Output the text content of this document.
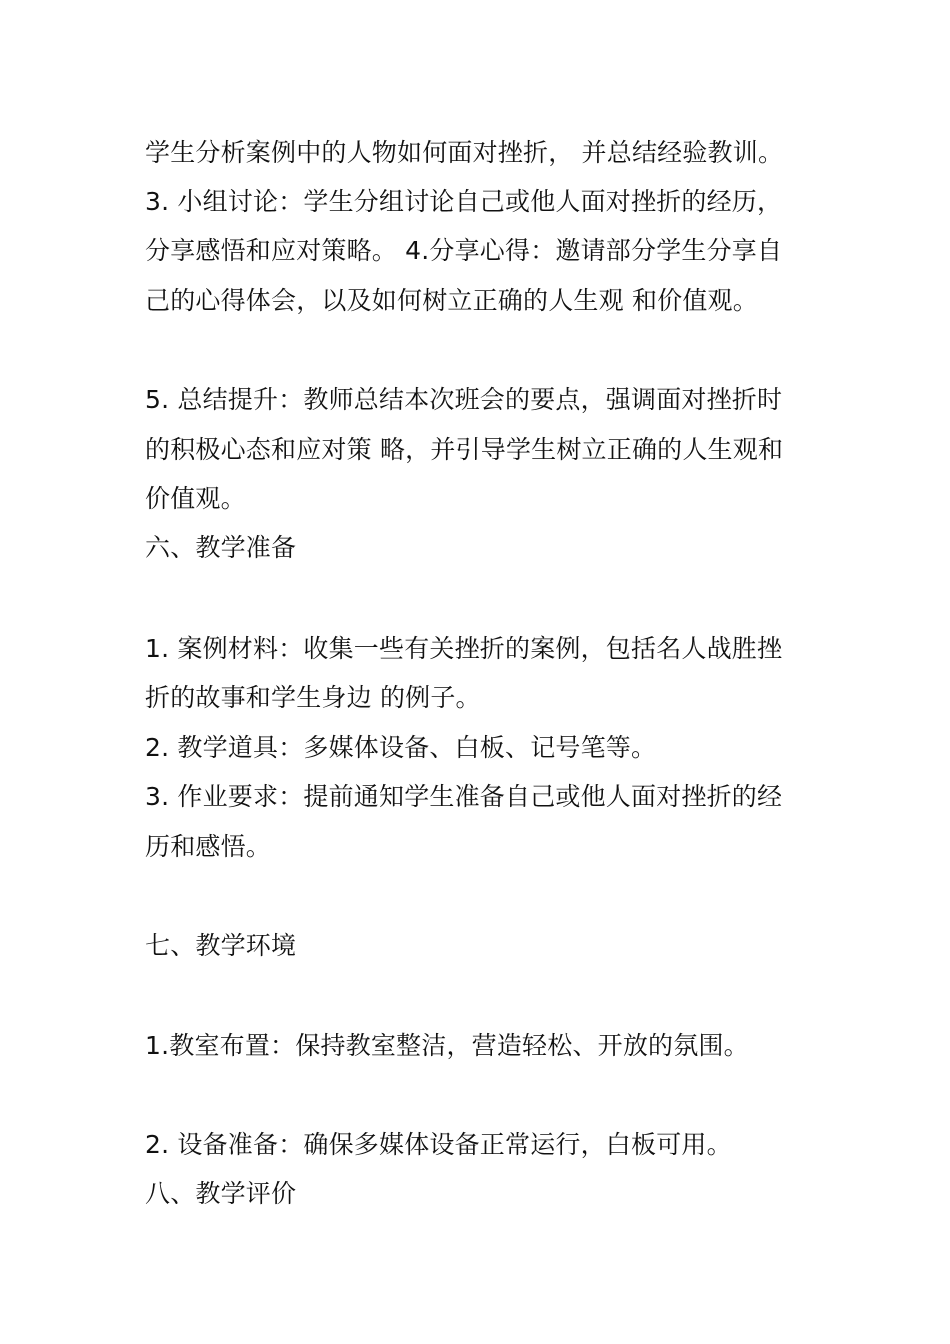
学生分析案例中的人物如何面对挫折， 并总结经验教训。
3. 小组讨论：学生分组讨论自己或他人面对挫折的经历，
分享感悟和应对策略。 4.分享心得：邀请部分学生分享自
己的心得体会，以及如何树立正确的人生观 和价值观。
5. 总结提升：教师总结本次班会的要点，强调面对挫折时
的积极心态和应对策 略，并引导学生树立正确的人生观和
价值观。
六、教学准备
1. 案例材料：收集一些有关挫折的案例，包括名人战胜挫
折的故事和学生身边 的例子。
2. 教学道具：多媒体设备、白板、记号笔等。
3. 作业要求：提前通知学生准备自己或他人面对挫折的经
历和感悟。
七、教学环境
1.教室布置：保持教室整洁，营造轻松、开放的氛围。
2. 设备准备：确保多媒体设备正常运行，白板可用。
八、教学评价
